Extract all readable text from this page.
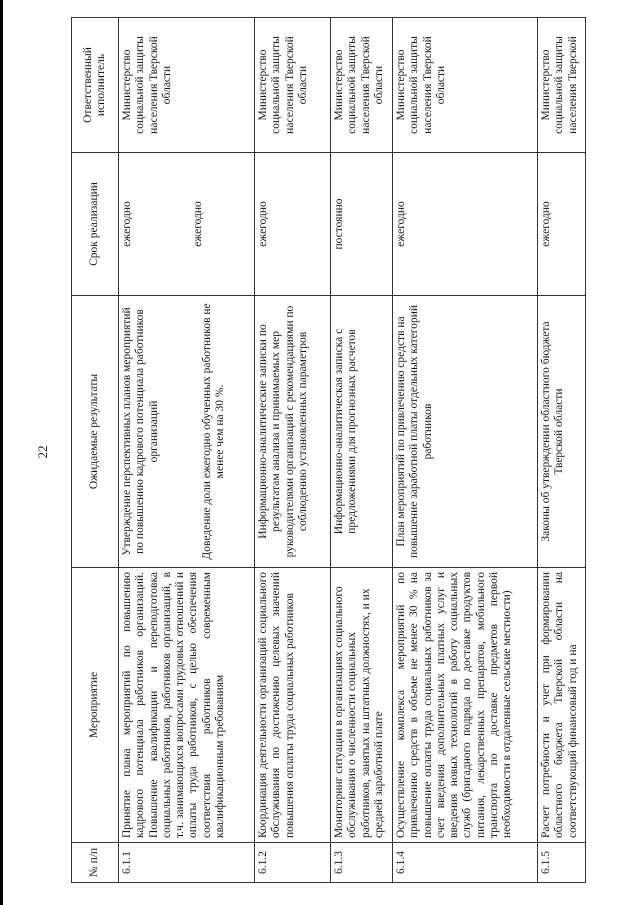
22
№ п/п	Мероприятие	Ожидаемые результаты	Срок реализации	Ответственный исполнитель
6.1.1	Принятие плана мероприятий по повышению кадрового потенциала работников организаций. Повышение квалификации и переподготовка социальных работников, работников организаций, в т.ч. занимающихся вопросами трудовых отношений и оплаты труда работников, с целью обеспечения соответствия работников современным квалификационным требованиям	Утверждение перспективных планов мероприятий по повышению кадрового потенциала работников организаций Доведение доли ежегодно обученных работников не менее чем на 30 %.	ежегодно ежегодно	Министерство социальной защиты населения Тверской области
6.1.2	Координация деятельности организаций социального обслуживания по достижению целевых значений повышения оплаты труда социальных работников	Информационно-аналитические записки по результатам анализа и принимаемых мер руководителями организаций с рекомендациями по соблюдению установленных параметров	ежегодно	Министерство социальной защиты населения Тверской области
6.1.3	Мониторинг ситуации в организациях социального обслуживания о численности социальных работников, занятых на штатных должностях, и их средней заработной плате	Информационно-аналитическая записка с предложениями для прогнозных расчетов	постоянно	Министерство социальной защиты населения Тверской области
6.1.4	Осуществление комплекса мероприятий по привлечению средств в объеме не менее 30 % на повышение оплаты труда социальных работников за счет введения дополнительных платных услуг и введения новых технологий в работу социальных служб (бригадного подряда по доставке продуктов питания, лекарственных препаратов, мобильного транспорта по доставке предметов первой необходимости в отдаленные сельские местности)	План мероприятий по привлечению средств на повышение заработной платы отдельных категорий работников	ежегодно	Министерство социальной защиты населения Тверской области
6.1.5	Расчет потребности и учет при формировании областного бюджета Тверской области на соответствующий финансовый год и на	Законы об утверждении областного бюджета Тверской области	ежегодно	Министерство социальной защиты населения Тверской
